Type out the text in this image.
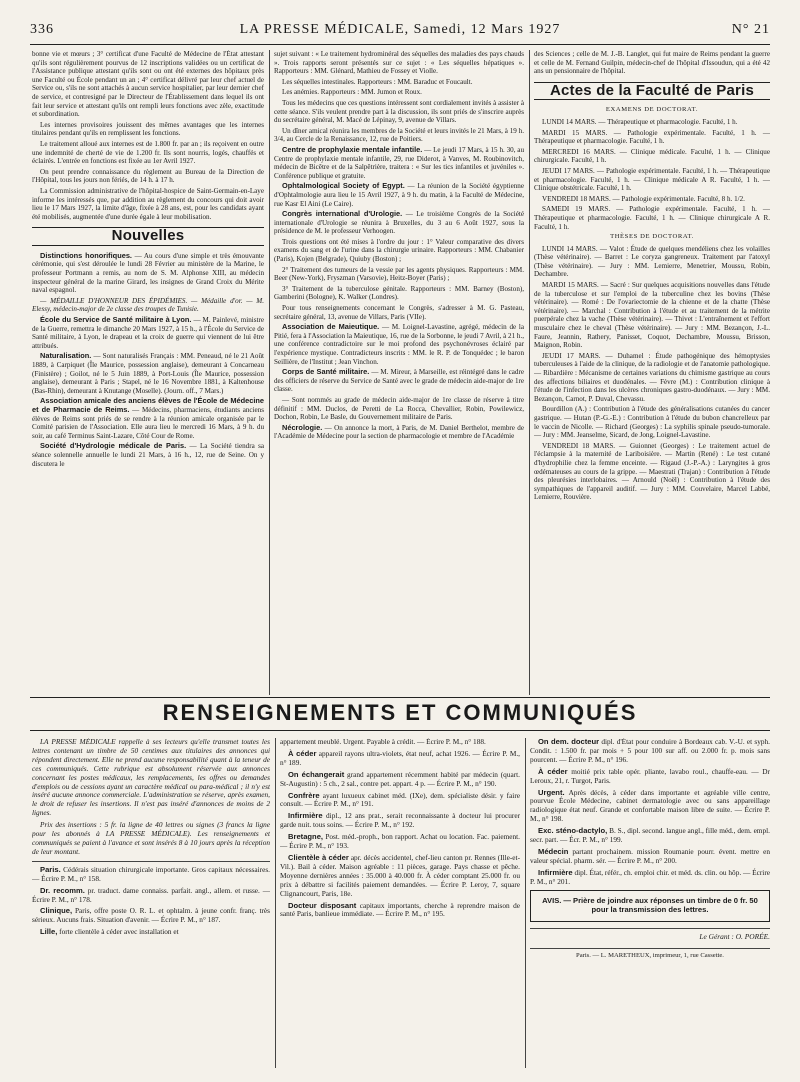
336	LA PRESSE MÉDICALE, Samedi, 12 Mars 1927	N° 21

bonne vie et mœurs ; 3° certificat d'une Faculté de Médecine de l'État attestant qu'ils sont régulièrement pourvus de 12 inscriptions validées ou un certificat de l'Assistance publique attestant qu'ils sont ou ont été externes des hôpitaux près une Faculté ou École pendant un an ; 4° certificat délivré par leur chef actuel de Service ou, s'ils ne sont attachés à aucun service hospitalier, par leur dernier chef de service, et contresigné par le Directeur de l'Établissement dans lequel ils ont fait leur service et attestant qu'ils ont rempli leurs fonctions avec zèle, exactitude et subordination.

Les internes provisoires jouissent des mêmes avantages que les internes titulaires pendant qu'ils en remplissent les fonctions.

Le traitement alloué aux internes est de 1.800 fr. par an ; ils reçoivent en outre une indemnité de cherté de vie de 1.200 fr. Ils sont nourris, logés, chauffés et éclairés. L'entrée en fonctions est fixée au 1er Avril 1927.

On peut prendre connaissance du règlement au Bureau de la Direction de l'Hôpital, tous les jours non fériés, de 14 h. à 17 h.

La Commission administrative de l'hôpital-hospice de Saint-Germain-en-Laye informe les intéressés que, par addition au règlement du concours qui doit avoir lieu le 17 Mars 1927, la limite d'âge, fixée à 28 ans, est, pour les candidats ayant été mobilisés, augmentée d'une durée égale à leur mobilisation.

Nouvelles

Distinctions honorifiques. — Au cours d'une simple et très émouvante cérémonie, qui s'est déroulée le lundi 28 Février au ministère de la Marine, le professeur Portmann a remis, au nom de S. M. Alphonse XIII, au médecin inspecteur général de la marine Girard, les insignes de Grand Croix du Mérite naval espagnol.

— MÉDAILLE D'HONNEUR DES ÉPIDÉMIES. — Médaille d'or. — M. Elessy, médecin-major de 2e classe des troupes de Tunisie.

École du Service de Santé militaire à Lyon. — M. Painlevé, ministre de la Guerre, remettra le dimanche 20 Mars 1927, à 15 h., à l'École du Service de Santé militaire, à Lyon, le drapeau et la croix de guerre qui viennent de lui être attribués.

Naturalisation. — Sont naturalisés Français : MM. Peneaud, né le 21 Août 1889, à Carpiquet (Île Maurice, possession anglaise), demeurant à Concarneau (Finistère) ; Goilot, né le 5 Juin 1889, à Port-Louis (Île Maurice, possession anglaise), demeurant à Paris ; Stapel, né le 16 Novembre 1881, à Kaltenhouse (Bas-Rhin), demeurant à Knutange (Moselle). (Journ. off., 7 Mars.)

Association amicale des anciens élèves de l'École de Médecine et de Pharmacie de Reims. — Médecins, pharmaciens, étudiants anciens élèves de Reims sont priés de se rendre à la réunion amicale organisée par le Comité parisien de l'Association. Elle aura lieu le mercredi 16 Mars, à 9 h. du soir, au café Terminus Saint-Lazare, Côté Cour de Rome.

Société d'Hydrologie médicale de Paris. — La Société tiendra sa séance solennelle annuelle le lundi 21 Mars, à 16 h., 12, rue de Seine. On y discutera le

sujet suivant : « Le traitement hydrominéral des séquelles des maladies des pays chauds ». Trois rapports seront présentés sur ce sujet : « Les séquelles hépatiques ». Rapporteurs : MM. Glénard, Mathieu de Fossey et Violle.

Les séquelles intestinales. Rapporteurs : MM. Baraduc et Foucault.

Les anémies. Rapporteurs : MM. Jumon et Roux.

Tous les médecins que ces questions intéressent sont cordialement invités à assister à cette séance. S'ils veulent prendre part à la discussion, ils sont priés de s'inscrire auprès du secrétaire général, M. Macé de Lépinay, 9, avenue de Villars.

Un dîner amical réunira les membres de la Société et leurs invités le 21 Mars, à 19 h. 3/4, au Cercle de la Renaissance, 12, rue de Poitiers.

Centre de prophylaxie mentale infantile. — Le jeudi 17 Mars, à 15 h. 30, au Centre de prophylaxie mentale infantile, 29, rue Diderot, à Vanves, M. Roubinovitch, médecin de Bicêtre et de la Salpêtrière, traitera : « Sur les tics infantiles et juvéniles ». Conférence publique et gratuite.

Ophtalmological Society of Egypt. — La réunion de la Société égyptienne d'Ophtalmologie aura lieu le 15 Avril 1927, à 9 h. du matin, à la Faculté de Médecine, rue Kasr El Aini (Le Caire).

Congrès international d'Urologie. — Le troisième Congrès de la Société internationale d'Urologie se réunira à Bruxelles, du 3 au 6 Août 1927, sous la présidence de M. le professeur Verhoogen.

Trois questions ont été mises à l'ordre du jour : 1° Valeur comparative des divers examens du sang et de l'urine dans la chirurgie urinaire. Rapporteurs : MM. Chabanier (Paris), Kojen (Belgrade), Quiuby (Boston) ;

2° Traitement des tumeurs de la vessie par les agents physiques. Rapporteurs : MM. Beer (New-York), Fryszman (Varsovie), Heitz-Boyer (Paris) ;

3° Traitement de la tuberculose génitale. Rapporteurs : MM. Barney (Boston), Gamberini (Bologne), K. Walker (Londres).

Pour tous renseignements concernant le Congrès, s'adresser à M. G. Pasteau, secrétaire général, 13, avenue de Villars, Paris (VIIe).

Association de Maieutique. — M. Loignel-Lavastine, agrégé, médecin de la Pitié, fera à l'Association la Maieutique, 16, rue de la Sorbonne, le jeudi 7 Avril, à 21 h., une conférence contradictoire sur le moi profond des psychonévroses éclairé par l'expérience mystique. Contradicteurs inscrits : MM. le R. P. de Tonquédec ; le baron Seillière, de l'Institut ; Jean Vinchon.

Corps de Santé militaire. — M. Mireur, à Marseille, est réintégré dans le cadre des officiers de réserve du Service de Santé avec le grade de médecin aide-major de 1re classe.

— Sont nommés au grade de médecin aide-major de 1re classe de réserve à titre définitif : MM. Duclos, de Peretti de La Rocca, Chevallier, Robin, Powilewicz, Dochon, Robin, Le Basle, du Gouvernement militaire de Paris.

Nécrologie. — On annonce la mort, à Paris, de M. Daniel Berthelot, membre de l'Académie de Médecine pour la section de pharmacologie et membre de l'Académie

des Sciences ; celle de M. J.-B. Langlet, qui fut maire de Reims pendant la guerre et celle de M. Fernand Guilpin, médecin-chef de l'hôpital d'Issoudun, qui a été 42 ans un pensionnaire de l'hôpital.

Actes de la Faculté de Paris
EXAMENS DE DOCTORAT.

LUNDI 14 MARS. — Thérapeutique et pharmacologie. Faculté, 1 h.

MARDI 15 MARS. — Pathologie expérimentale. Faculté, 1 h. — Thérapeutique et pharmacologie. Faculté, 1 h.

MERCREDI 16 MARS. — Clinique médicale. Faculté, 1 h. — Clinique chirurgicale. Faculté, 1 h.

JEUDI 17 MARS. — Pathologie expérimentale. Faculté, 1 h. — Thérapeutique et pharmacologie. Faculté, 1 h. — Clinique médicale A R. Faculté, 1 h. — Clinique obstétricale. Faculté, 1 h.

VENDREDI 18 MARS. — Pathologie expérimentale. Faculté, 8 h. 1/2.

SAMEDI 19 MARS. — Pathologie expérimentale. Faculté, 1 h. — Thérapeutique et pharmacologie. Faculté, 1 h. — Clinique chirurgicale A R. Faculté, 1 h.

THÈSES DE DOCTORAT.

LUNDI 14 MARS. — Valot : Étude de quelques mendéliens chez les volailles (Thèse vétérinaire). — Barret : Le coryza gangreneux. Traitement par l'atoxyl (Thèse vétérinaire). — Jury : MM. Lemierre, Menetrier, Moussu, Robin, Dechambre.

MARDI 15 MARS. — Sacré : Sur quelques acquisitions nouvelles dans l'étude de la tuberculose et sur l'emploi de la tuberculine chez les bovins (Thèse vétérinaire). — Romé : De l'ovariectomie de la chienne et de la chatte (Thèse vétérinaire). — Marchal : Contribution à l'étude et au traitement de la métrite puerpérale chez la vache (Thèse vétérinaire). — Thivet : L'entraînement et l'effort musculaire chez le cheval (Thèse vétérinaire). — Jury : MM. Bezançon, J.-L. Faure, Jeannin, Rathery, Panisset, Coquot, Dechambre, Moussu, Brisson, Maignon, Robin.

JEUDI 17 MARS. — Duhamel : Étude pathogénique des hémoptysies tuberculeuses à l'aide de la clinique, de la radiologie et de l'anatomie pathologique. — Ribardière : Mécanisme de certaines variations du chimisme gastrique au cours des affections biliaires et duodénales. — Fèvre (M.) : Contribution clinique à l'étude de l'infection dans les ulcères chroniques gastro-duodénaux. — Jury : MM. Bezançon, Carnot, P. Duval, Chevassu.

Bourdillon (A.) : Contribution à l'étude des généralisations cutanées du cancer gastrique. — Hutan (P.-G.-E.) : Contribution à l'étude du bubon chancrelleux par le vaccin de Nicolle. — Richard (Georges) : La syphilis spinale pseudo-tumorale. — Jury : MM. Jeanselme, Sicard, de Jong, Loignel-Lavastine.

VENDREDI 18 MARS. — Guionnet (Georges) : Le traitement actuel de l'éclampsie à la maternité de Lariboisière. — Martin (René) : Le test cutané d'hydrophilie chez la femme enceinte. — Rigaud (J.-P.-A.) : Laryngites à gros œdémateuses au cours de la grippe. — Maestrati (Trajan) : Contribution à l'étude des pleurésies interlobaires. — Arnould (Noël) : Contribution à l'étude des sympathiques de l'appareil auditif. — Jury : MM. Couvelaire, Marcel Labbé, Lemierre, Rouvière.

RENSEIGNEMENTS ET COMMUNIQUÉS

LA PRESSE MÉDICALE rappelle à ses lecteurs qu'elle transmet toutes les lettres contenant un timbre de 50 centimes aux titulaires des annonces qui répondent directement. Elle ne prend aucune responsabilité quant à la teneur de ces communiqués. Cette rubrique est absolument réservée aux annonces concernant les postes médicaux, les remplacements, les offres ou demandes d'emplois ou de cessions ayant un caractère médical ou para-médical ; il n'y est inséré aucune annonce commerciale. L'administration se réserve, après examen, le droit de refuser les insertions. Il n'est pas inséré d'annonces de moins de 2 lignes.

Prix des insertions : 5 fr. la ligne de 40 lettres ou signes (3 francs la ligne pour les abonnés à LA PRESSE MÉDICALE). Les renseignements et communiqués se paient à l'avance et sont insérés 8 à 10 jours après la réception de leur montant.

Paris. Cédérais situation chirurgicale importante. Gros capitaux nécessaires. — Écrire P. M., n° 158.

Dr. recomm. pr. traduct. dame connaiss. parfait. angl., allem. et russe. — Écrire P. M., n° 178.

Clinique, Paris, offre poste O. R. L. et ophtalm. à jeune confr. franç. très sérieux. Aucuns frais. Situation d'avenir. — Écrire P. M., n° 187.

Lille, forte clientèle à céder avec installation et

appartement meublé. Urgent. Payable à crédit. — Écrire P. M., n° 188.

À céder appareil rayons ultra-violets, état neuf, achat 1926. — Écrire P. M., n° 189.

On échangerait grand appartement récemment habité par médecin (quart. St-Augustin) : 5 ch., 2 sal., contre pet. appart. 4 p. — Écrire P. M., n° 190.

Confrère ayant luxueux cabinet méd. (IXe), dem. spécialiste désir. y faire consult. — Écrire P. M., n° 191.

Infirmière dipl., 12 ans prat., serait reconnaissante à docteur lui procurer garde nuit. tous soins. — Écrire P. M., n° 192.

Bretagne, Post. méd.-proph., bon rapport. Achat ou location. Fac. paiement. — Écrire P. M., n° 193.

Clientèle à céder apr. décès accidentel, chef-lieu canton pr. Rennes (Ille-et-Vil.). Bail à céder. Maison agréable : 11 pièces, garage. Pays chasse et pêche. Moyenne dernières années : 35.000 à 40.000 fr. À céder comptant 25.000 fr. ou prix à débattre si facilités paiement demandées. — Écrire P. Leroy, 7, square Clignancourt, Paris, 18e.

Docteur disposant capitaux importants, cherche à reprendre maison de santé Paris, banlieue immédiate. — Écrire P. M., n° 195.

On dem. docteur dipl. d'État pour conduire à Bordeaux cab. V.-U. et syph. Condit. : 1.500 fr. par mois + 5 pour 100 sur aff. ou 2.000 fr. p. mois sans pourcent. — Écrire P. M., n° 196.

À céder moitié prix table opér. pliante, lavabo roul., chauffe-eau. — Dr Leroux, 21, r. Turgot, Paris.

Urgent. Après décès, à céder dans importante et agréable ville centre, pourvue École Médecine, cabinet dermatologie avec ou sans appareillage radiologique état neuf. Grande et confortable maison libre de suite. — Écrire P. M., n° 198.

Exc. sténo-dactylo, B. S., dipl. second. langue angl., fille méd., dem. empl. secr. part. — Écr. P. M., n° 199.

Médecin partant prochainem. mission Roumanie pourr. évent. mettre en valeur spécial. pharm. sér. — Écrire P. M., n° 200.

Infirmière dipl. État, référ., ch. emploi chir. et méd. ds. clin. ou hôp. — Écrire P. M., n° 201.

AVIS. — Prière de joindre aux réponses un timbre de 0 fr. 50 pour la transmission des lettres.
Le Gérant : O. PORÉE.
Paris. — L. MARETHEUX, imprimeur, 1, rue Cassette.
